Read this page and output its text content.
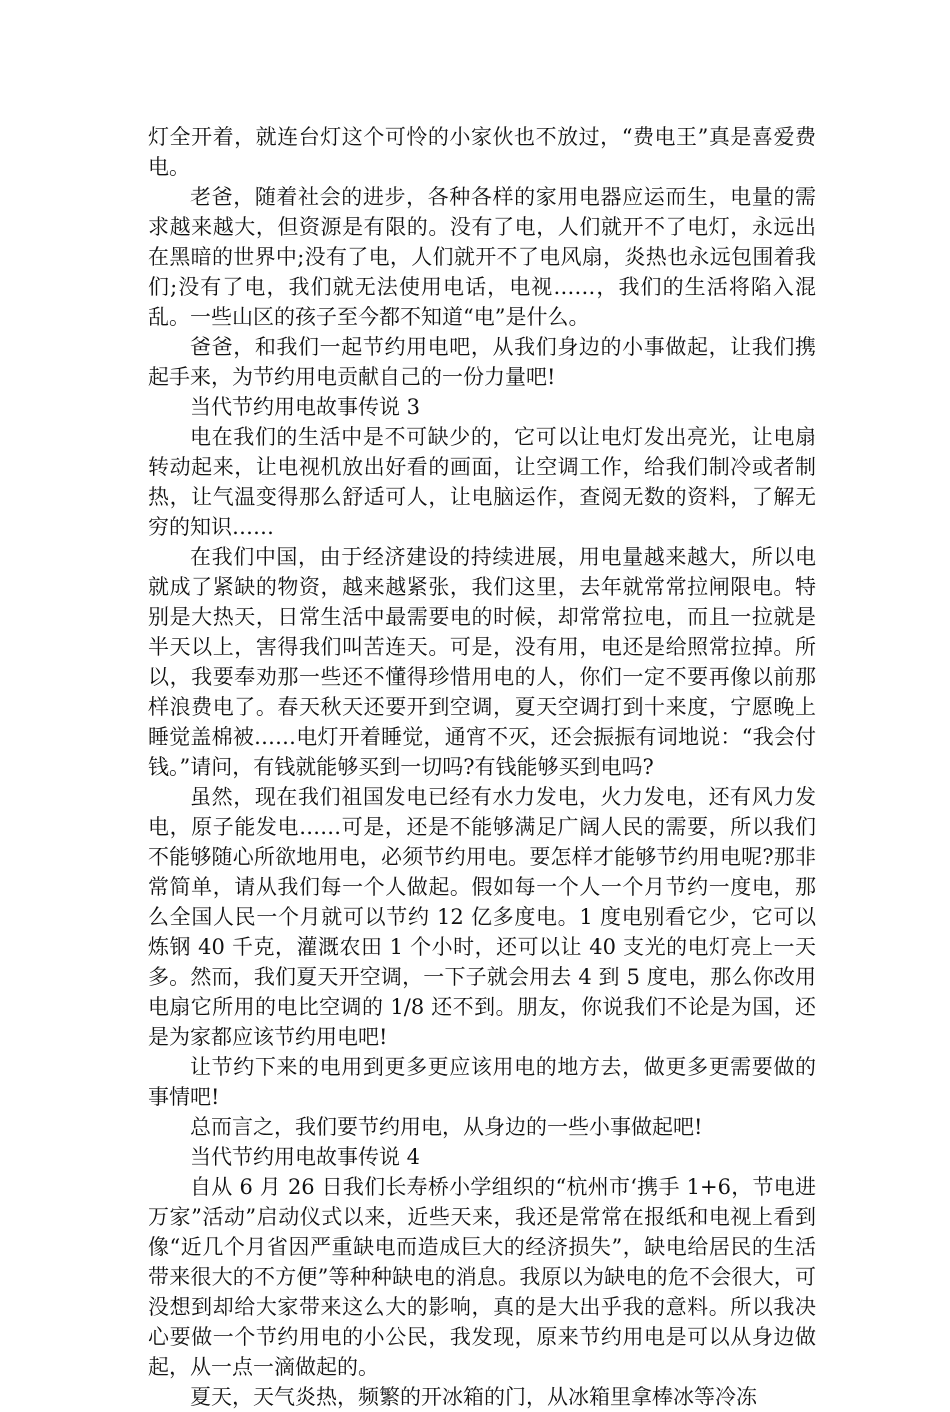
灯全开着，就连台灯这个可怜的小家伙也不放过，“费电王”真是喜爱费电。

老爸，随着社会的进步，各种各样的家用电器应运而生，电量的需求越来越大，但资源是有限的。没有了电，人们就开不了电灯，永远出在黑暗的世界中;没有了电，人们就开不了电风扇，炎热也永远包围着我们;没有了电，我们就无法使用电话，电视……，我们的生活将陷入混乱。一些山区的孩子至今都不知道“电”是什么。

爸爸，和我们一起节约用电吧，从我们身边的小事做起，让我们携起手来，为节约用电贡献自己的一份力量吧!

当代节约用电故事传说 3

电在我们的生活中是不可缺少的，它可以让电灯发出亮光，让电扇转动起来，让电视机放出好看的画面，让空调工作，给我们制冷或者制热，让气温变得那么舒适可人，让电脑运作，查阅无数的资料，了解无穷的知识……

在我们中国，由于经济建设的持续进展，用电量越来越大，所以电就成了紧缺的物资，越来越紧张，我们这里，去年就常常拉闸限电。特别是大热天，日常生活中最需要电的时候，却常常拉电，而且一拉就是半天以上，害得我们叫苦连天。可是，没有用，电还是给照常拉掉。所以，我要奉劝那一些还不懂得珍惜用电的人，你们一定不要再像以前那样浪费电了。春天秋天还要开到空调，夏天空调打到十来度，宁愿晚上睡觉盖棉被……电灯开着睡觉，通宵不灭，还会振振有词地说：“我会付钱。”请问，有钱就能够买到一切吗?有钱能够买到电吗?

虽然，现在我们祖国发电已经有水力发电，火力发电，还有风力发电，原子能发电……可是，还是不能够满足广阔人民的需要，所以我们不能够随心所欲地用电，必须节约用电。要怎样才能够节约用电呢?那非常简单，请从我们每一个人做起。假如每一个人一个月节约一度电，那么全国人民一个月就可以节约 12 亿多度电。1 度电别看它少，它可以炼钢 40 千克，灌溉农田 1 个小时，还可以让 40 支光的电灯亮上一天多。然而，我们夏天开空调，一下子就会用去 4 到 5 度电，那么你改用电扇它所用的电比空调的 1/8 还不到。朋友，你说我们不论是为国，还是为家都应该节约用电吧!

让节约下来的电用到更多更应该用电的地方去，做更多更需要做的事情吧!

总而言之，我们要节约用电，从身边的一些小事做起吧!

当代节约用电故事传说 4

自从 6 月 26 日我们长寿桥小学组织的“杭州市‘携手 1+6，节电进万家”活动”启动仪式以来，近些天来，我还是常常在报纸和电视上看到像“近几个月省因严重缺电而造成巨大的经济损失”，缺电给居民的生活带来很大的不方便”等种种缺电的消息。我原以为缺电的危不会很大，可没想到却给大家带来这么大的影响，真的是大出乎我的意料。所以我决心要做一个节约用电的小公民，我发现，原来节约用电是可以从身边做起，从一点一滴做起的。

夏天，天气炎热，频繁的开冰箱的门，从冰箱里拿棒冰等冷冻
